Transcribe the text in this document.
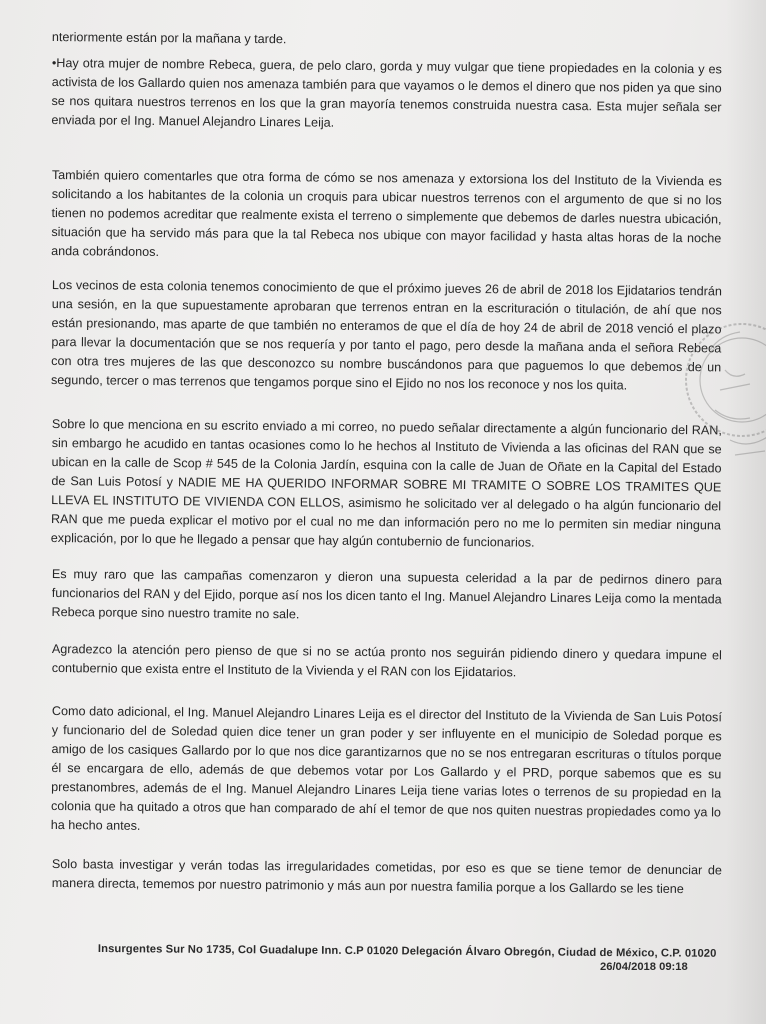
nteriormente están por la mañana y tarde.

•Hay otra mujer de nombre Rebeca, guera, de pelo claro, gorda y muy vulgar que tiene propiedades en la colonia y es activista de los Gallardo quien nos amenaza también para que vayamos o le demos el dinero que nos piden ya que sino se nos quitara nuestros terrenos en los que la gran mayoría tenemos construida nuestra casa. Esta mujer señala ser enviada por el Ing. Manuel Alejandro Linares Leija.

También quiero comentarles que otra forma de cómo se nos amenaza y extorsiona los del Instituto de la Vivienda es solicitando a los habitantes de la colonia un croquis para ubicar nuestros terrenos con el argumento de que si no los tienen no podemos acreditar que realmente exista el terreno o simplemente que debemos de darles nuestra ubicación, situación que ha servido más para que la tal Rebeca nos ubique con mayor facilidad y hasta altas horas de la noche anda cobrándonos.

Los vecinos de esta colonia tenemos conocimiento de que el próximo jueves 26 de abril de 2018 los Ejidatarios tendrán una sesión, en la que supuestamente aprobaran que terrenos entran en la escrituración o titulación, de ahí que nos están presionando, mas aparte de que también no enteramos de que el día de hoy 24 de abril de 2018 venció el plazo para llevar la documentación que se nos requería y por tanto el pago, pero desde la mañana anda el señora Rebeca con otra tres mujeres de las que desconozco su nombre buscándonos para que paguemos lo que debemos de un segundo, tercer o mas terrenos que tengamos porque sino el Ejido no nos los reconoce y nos los quita.

Sobre lo que menciona en su escrito enviado a mi correo, no puedo señalar directamente a algún funcionario del RAN, sin embargo he acudido en tantas ocasiones como lo he hechos al Instituto de Vivienda a las oficinas del RAN que se ubican en la calle de Scop # 545 de la Colonia Jardín, esquina con la calle de Juan de Oñate en la Capital del Estado de San Luis Potosí y NADIE ME HA QUERIDO INFORMAR SOBRE MI TRAMITE O SOBRE LOS TRAMITES QUE LLEVA EL INSTITUTO DE VIVIENDA CON ELLOS, asimismo he solicitado ver al delegado o ha algún funcionario del RAN que me pueda explicar el motivo por el cual no me dan información pero no me lo permiten sin mediar ninguna explicación, por lo que he llegado a pensar que hay algún contubernio de funcionarios.

Es muy raro que las campañas comenzaron y dieron una supuesta celeridad a la par de pedirnos dinero para funcionarios del RAN y del Ejido, porque así nos los dicen tanto el Ing. Manuel Alejandro Linares Leija como la mentada Rebeca porque sino nuestro tramite no sale.

Agradezco la atención pero pienso de que si no se actúa pronto nos seguirán pidiendo dinero y quedara impune el contubernio que exista entre el Instituto de la Vivienda y el RAN con los Ejidatarios.

Como dato adicional, el Ing. Manuel Alejandro Linares Leija es el director del Instituto de la Vivienda de San Luis Potosí y funcionario del de Soledad quien dice tener un gran poder y ser influyente en el municipio de Soledad porque es amigo de los casiques Gallardo por lo que nos dice garantizarnos que no se nos entregaran escrituras o títulos porque él se encargara de ello, además de que debemos votar por Los Gallardo y el PRD, porque sabemos que es su prestanombres, además de el Ing. Manuel Alejandro Linares Leija tiene varias lotes o terrenos de su propiedad en la colonia que ha quitado a otros que han comparado de ahí el temor de que nos quiten nuestras propiedades como ya lo ha hecho antes.

Solo basta investigar y verán todas las irregularidades cometidas, por eso es que se tiene temor de denunciar de manera directa, tememos por nuestro patrimonio y más aun por nuestra familia porque a los Gallardo se les tiene

Insurgentes Sur No 1735, Col Guadalupe Inn. C.P 01020 Delegación Álvaro Obregón, Ciudad de México, C.P. 01020
26/04/2018 09:18
